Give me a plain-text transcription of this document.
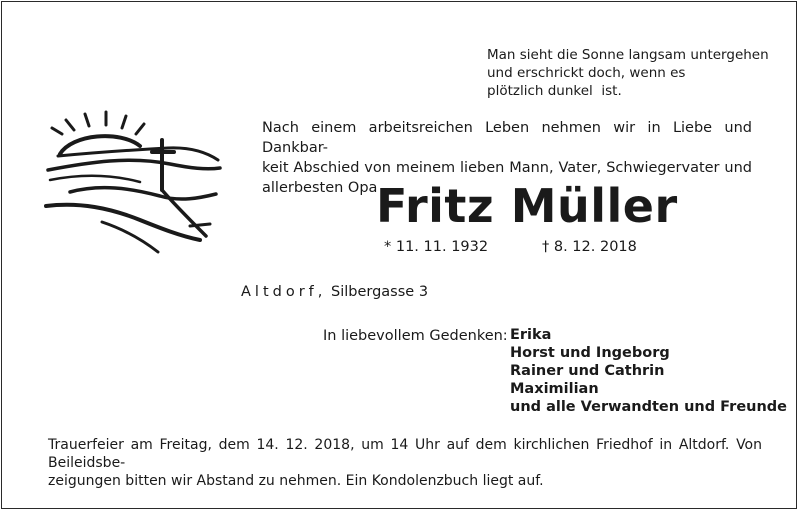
Man sieht die Sonne langsam untergehen
und erschrickt doch, wenn es
plötzlich dunkel  ist.
Nach einem arbeitsreichen Leben nehmen wir in Liebe und Dankbar-
keit Abschied von meinem lieben Mann, Vater, Schwiegervater und
allerbesten Opa
Fritz Müller
* 11. 11. 1932	† 8. 12. 2018
Altdorf, Silbergasse 3
In liebevollem Gedenken: Erika
Horst und Ingeborg
Rainer und Cathrin
Maximilian
und alle Verwandten und Freunde
Trauerfeier am Freitag, dem 14. 12. 2018, um 14 Uhr auf dem kirchlichen Friedhof in Altdorf. Von Beileidsbe-
zeigungen bitten wir Abstand zu nehmen. Ein Kondolenzbuch liegt auf.
